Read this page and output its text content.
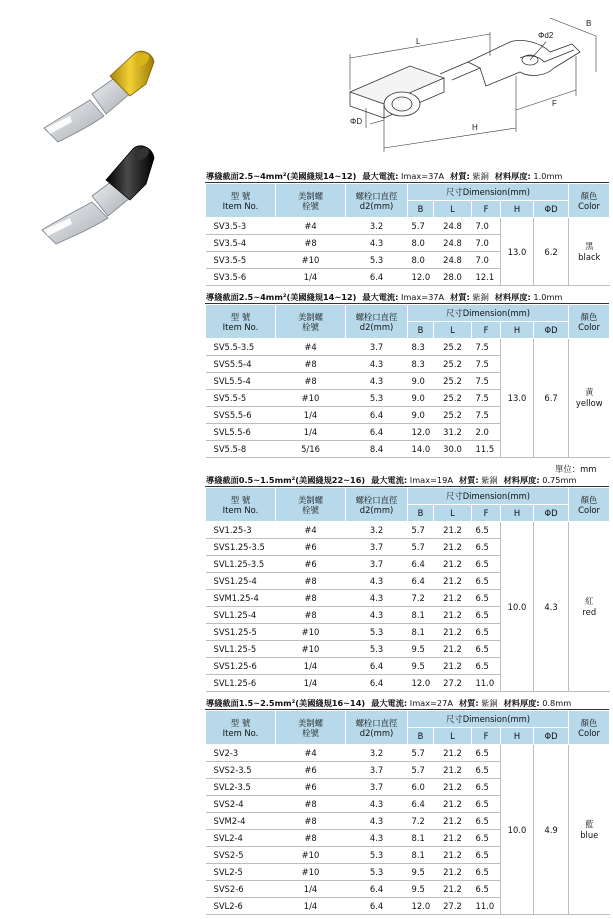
L
B
Φd2
ΦD
H
F
單位：mm
導綫截面2.5~4mm²(美國綫規14~12) 最大電流: Imax=37A 材質: 紫銅 材料厚度: 1.0mm
型 號
Item No.	美制螺
栓號	螺栓口直徑
d2(mm)	尺寸Dimension(mm)					顏色
Color
			B	L	F	H	ΦD	
SV3.5-3	#4	3.2	5.7	24.8	7.0	13.0	6.2	黑
black
SV3.5-4	#8	4.3	8.0	24.8	7.0			
SV3.5-5	#10	5.3	8.0	24.8	7.0			
SV3.5-6	1/4	6.4	12.0	28.0	12.1			
導綫截面2.5~4mm²(美國綫規14~12) 最大電流: Imax=37A 材質: 紫銅 材料厚度: 1.0mm
型 號
Item No.	美制螺
栓號	螺栓口直徑
d2(mm)	尺寸Dimension(mm)					顏色
Color
			B	L	F	H	ΦD	
SV5.5-3.5	#4	3.7	8.3	25.2	7.5	13.0	6.7	黄
yellow
SVS5.5-4	#8	4.3	8.3	25.2	7.5			
SVL5.5-4	#8	4.3	9.0	25.2	7.5			
SV5.5-5	#10	5.3	9.0	25.2	7.5			
SVS5.5-6	1/4	6.4	9.0	25.2	7.5			
SVL5.5-6	1/4	6.4	12.0	31.2	2.0			
SV5.5-8	5/16	8.4	14.0	30.0	11.5			
導綫截面0.5~1.5mm²(美國綫規22~16) 最大電流: Imax=19A 材質: 紫銅 材料厚度: 0.75mm
型 號
Item No.	美制螺
栓號	螺栓口直徑
d2(mm)	尺寸Dimension(mm)					顏色
Color
			B	L	F	H	ΦD	
SV1.25-3	#4	3.2	5.7	21.2	6.5	10.0	4.3	紅
red
SVS1.25-3.5	#6	3.7	5.7	21.2	6.5			
SVL1.25-3.5	#6	3.7	6.4	21.2	6.5			
SVS1.25-4	#8	4.3	6.4	21.2	6.5			
SVM1.25-4	#8	4.3	7.2	21.2	6.5			
SVL1.25-4	#8	4.3	8.1	21.2	6.5			
SVS1.25-5	#10	5.3	8.1	21.2	6.5			
SVL1.25-5	#10	5.3	9.5	21.2	6.5			
SVS1.25-6	1/4	6.4	9.5	21.2	6.5			
SVL1.25-6	1/4	6.4	12.0	27.2	11.0			
導綫截面1.5~2.5mm²(美國綫規16~14) 最大電流: Imax=27A 材質: 紫銅 材料厚度: 0.8mm
型 號
Item No.	美制螺
栓號	螺栓口直徑
d2(mm)	尺寸Dimension(mm)					顏色
Color
			B	L	F	H	ΦD	
SV2-3	#4	3.2	5.7	21.2	6.5	10.0	4.9	藍
blue
SVS2-3.5	#6	3.7	5.7	21.2	6.5			
SVL2-3.5	#6	3.7	6.0	21.2	6.5			
SVS2-4	#8	4.3	6.4	21.2	6.5			
SVM2-4	#8	4.3	7.2	21.2	6.5			
SVL2-4	#8	4.3	8.1	21.2	6.5			
SVS2-5	#10	5.3	8.1	21.2	6.5			
SVL2-5	#10	5.3	9.5	21.2	6.5			
SVS2-6	1/4	6.4	9.5	21.2	6.5			
SVL2-6	1/4	6.4	12.0	27.2	11.0			
